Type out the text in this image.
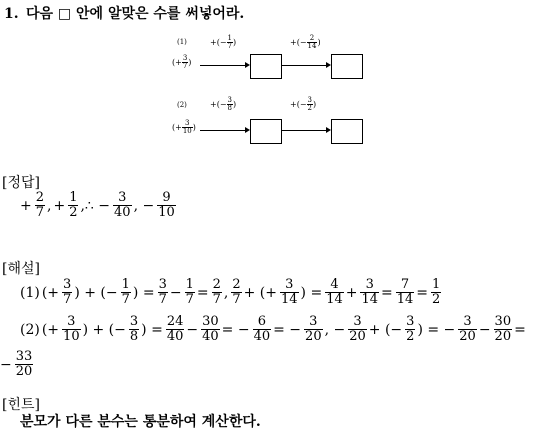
1. 다음 □ 안에 알맞은 수를 써넣어라.
(1)
(+ $\frac{3}{7}$ )
+(− $\frac{1}{7}$ )	+(− $\frac{2}{14}$ )
(2)
(+ $\frac{3}{10}$ )
+(− $\frac{3}{8}$ )	+(− $\frac{3}{2}$ )
[정답]
+ $\frac{2}{7}$ , + $\frac{1}{2}$ ,∴ − $\frac{3}{40}$ , − $\frac{9}{10}$
[해설]
(1) (+ $\frac{3}{7}$ ) + (− $\frac{1}{7}$ ) = $\frac{3}{7} - \frac{1}{7} = \frac{2}{7}$ , $\frac{2}{7}$ + (+ $\frac{3}{14}$ ) = $\frac{4}{14} + \frac{3}{14} = \frac{7}{14} = \frac{1}{2}$
(2) (+ $\frac{3}{10}$ ) + (− $\frac{3}{8}$ ) = $\frac{24}{40} - \frac{30}{40}$ = − $\frac{6}{40}$ = − $\frac{3}{20}$ , − $\frac{3}{20}$ + (− $\frac{3}{2}$ ) = − $\frac{3}{20} - \frac{30}{20}$ =
− $\frac{33}{20}$
[힌트]
분모가 다른 분수는 통분하여 계산한다.
